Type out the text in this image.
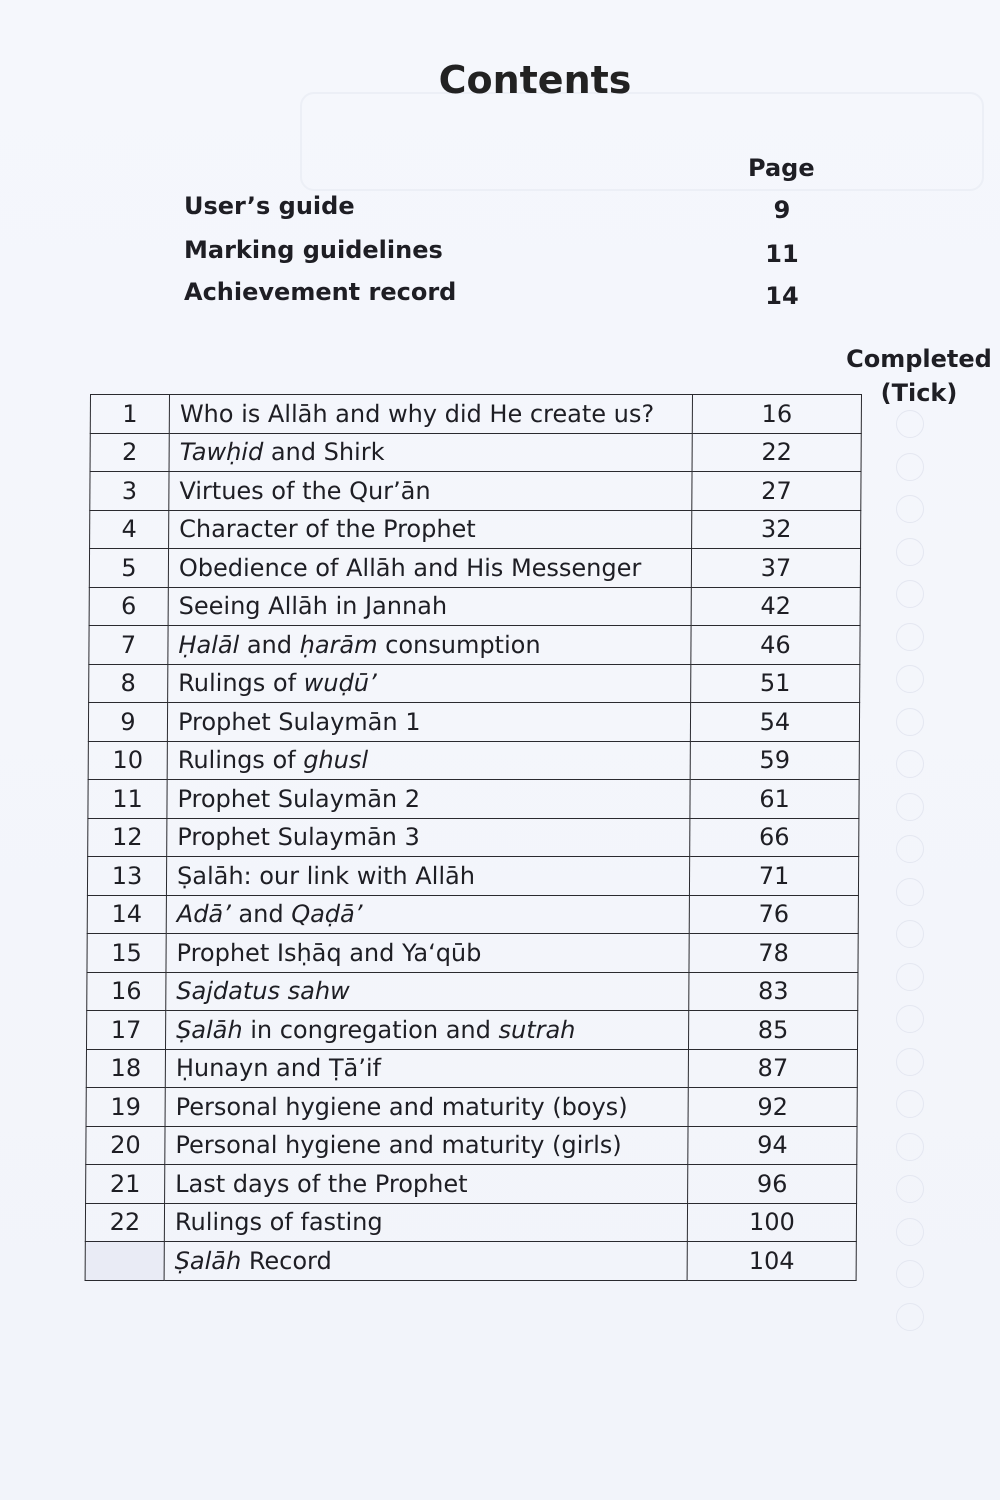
Contents
Page
User’s guide	9
Marking guidelines	11
Achievement record	14
Completed
(Tick)
1	Who is Allāh and why did He create us?	16
2	Tawḥid and Shirk	22
3	Virtues of the Qur’ān	27
4	Character of the Prophet	32
5	Obedience of Allāh and His Messenger	37
6	Seeing Allāh in Jannah	42
7	Ḥalāl and ḥarām consumption	46
8	Rulings of wuḍū’	51
9	Prophet Sulaymān 1	54
10	Rulings of ghusl	59
11	Prophet Sulaymān 2	61
12	Prophet Sulaymān 3	66
13	Ṣalāh: our link with Allāh	71
14	Adā’ and Qaḍā’	76
15	Prophet Isḥāq and Ya‘qūb	78
16	Sajdatus sahw	83
17	Ṣalāh in congregation and sutrah	85
18	Ḥunayn and Ṭā’if	87
19	Personal hygiene and maturity (boys)	92
20	Personal hygiene and maturity (girls)	94
21	Last days of the Prophet	96
22	Rulings of fasting	100
	Ṣalāh Record	104
